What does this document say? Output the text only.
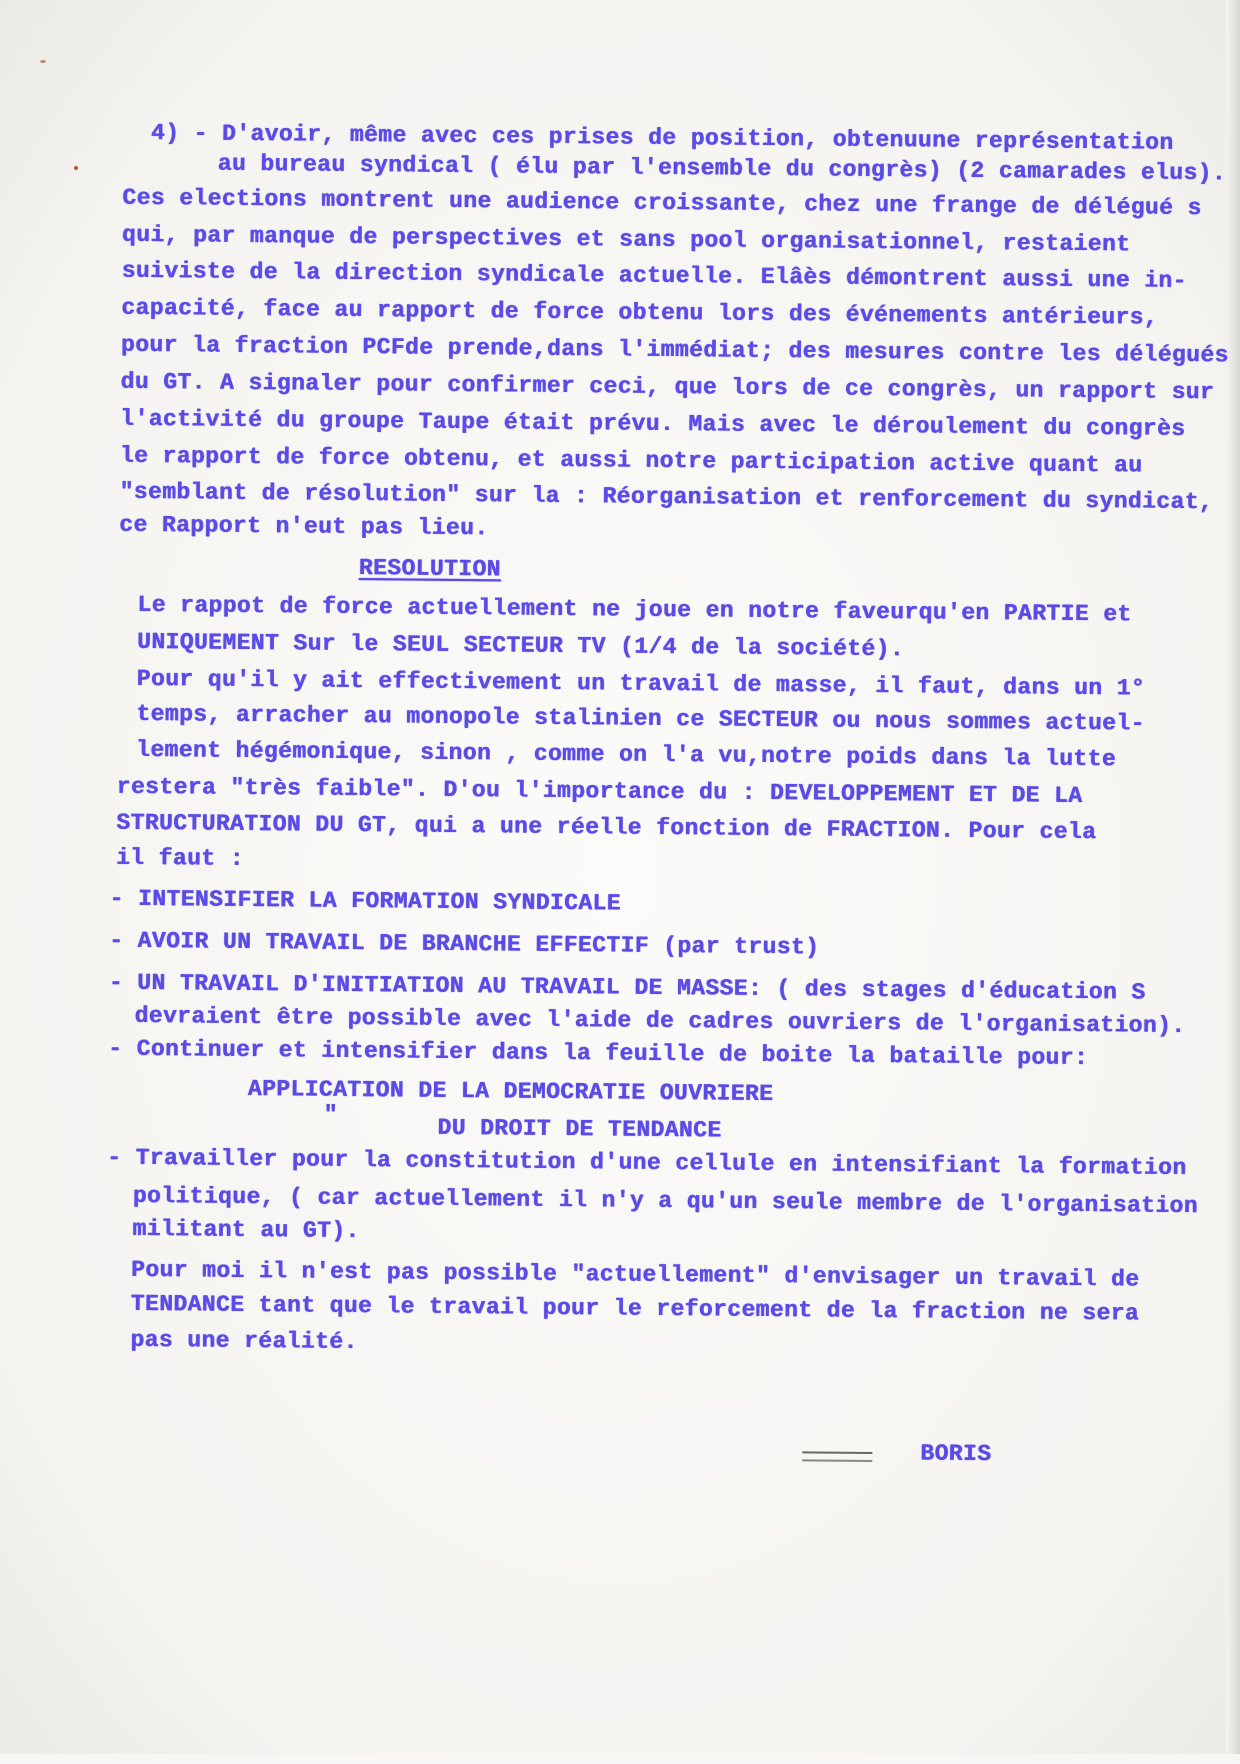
4) - D'avoir, même avec ces prises de position, obtenuune représentation
au bureau syndical ( élu par l'ensemble du congrès) (2 camarades elus).
Ces elections montrent une audience croissante, chez une frange de délégué s
qui, par manque de perspectives et sans pool organisationnel, restaient
suiviste de la direction syndicale actuelle. Elâès démontrent aussi une in-
capacité, face au rapport de force obtenu lors des événements antérieurs,
pour la fraction PCFde prende,dans l'immédiat; des mesures contre les délégués
du GT. A signaler pour confirmer ceci, que lors de ce congrès, un rapport sur
l'activité du groupe Taupe était prévu. Mais avec le déroulement du congrès
le rapport de force obtenu, et aussi notre participation active quant au
"semblant de résolution" sur la : Réorganisation et renforcement du syndicat,
ce Rapport n'eut pas lieu.
RESOLUTION
Le rappot de force actuellement ne joue en notre faveurqu'en PARTIE et
UNIQUEMENT Sur le SEUL SECTEUR TV (1/4 de la société).
Pour qu'il y ait effectivement un travail de masse, il faut, dans un 1°
temps, arracher au monopole stalinien ce SECTEUR ou nous sommes actuel-
lement hégémonique, sinon , comme on l'a vu,notre poids dans la lutte
restera "très faible". D'ou l'importance du : DEVELOPPEMENT ET DE LA
STRUCTURATION DU GT, qui a une réelle fonction de FRACTION. Pour cela
il faut :
- INTENSIFIER LA FORMATION SYNDICALE
- AVOIR UN TRAVAIL DE BRANCHE EFFECTIF (par trust)
- UN TRAVAIL D'INITIATION AU TRAVAIL DE MASSE: ( des stages d'éducation S
devraient être possible avec l'aide de cadres ouvriers de l'organisation).
- Continuer et intensifier dans la feuille de boite la bataille pour:
APPLICATION DE LA DEMOCRATIE OUVRIERE
"
DU DROIT DE TENDANCE
- Travailler pour la constitution d'une cellule en intensifiant la formation
politique, ( car actuellement il n'y a qu'un seule membre de l'organisation
militant au GT).
Pour moi il n'est pas possible "actuellement" d'envisager un travail de
TENDANCE tant que le travail pour le reforcement de la fraction ne sera
pas une réalité.
BORIS
